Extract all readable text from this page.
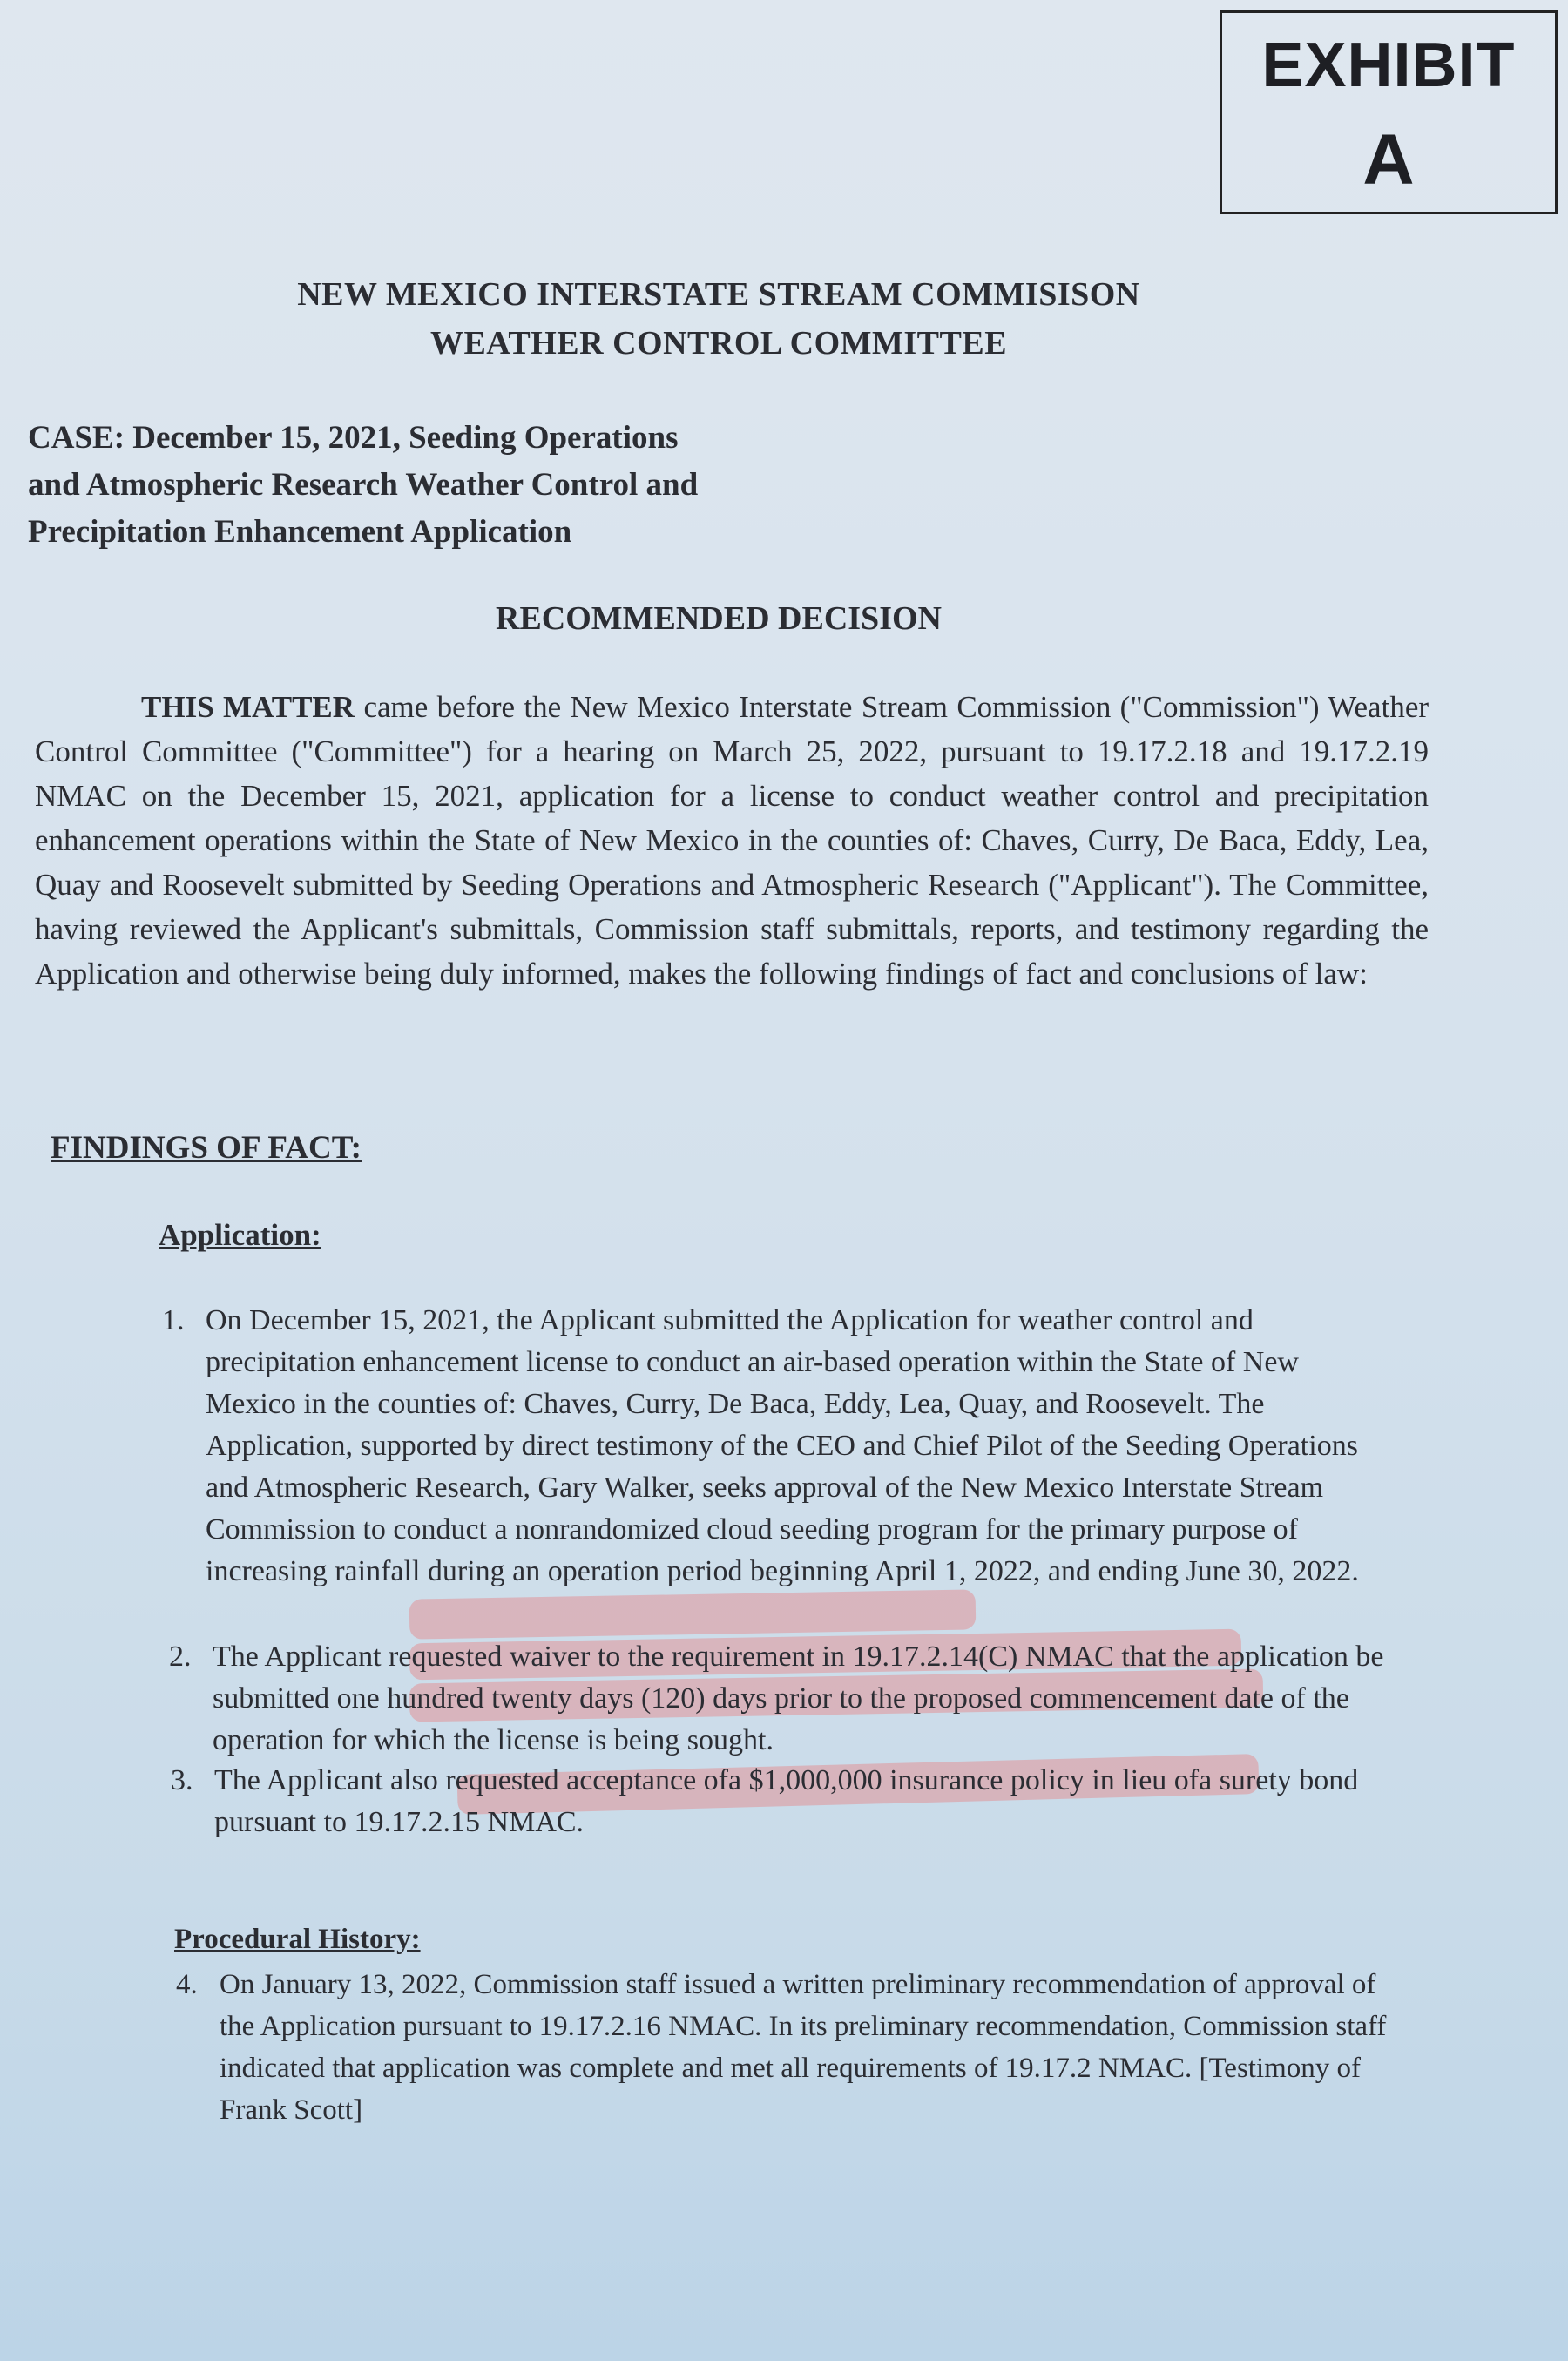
EXHIBIT
A
NEW MEXICO INTERSTATE STREAM COMMISISON
WEATHER CONTROL COMMITTEE
CASE: December 15, 2021, Seeding Operations
and Atmospheric Research Weather Control and
Precipitation Enhancement Application
RECOMMENDED DECISION
THIS MATTER came before the New Mexico Interstate Stream Commission ("Commission") Weather Control Committee ("Committee") for a hearing on March 25, 2022, pursuant to 19.17.2.18 and 19.17.2.19 NMAC on the December 15, 2021, application for a license to conduct weather control and precipitation enhancement operations within the State of New Mexico in the counties of: Chaves, Curry, De Baca, Eddy, Lea, Quay and Roosevelt submitted by Seeding Operations and Atmospheric Research ("Applicant"). The Committee, having reviewed the Applicant's submittals, Commission staff submittals, reports, and testimony regarding the Application and otherwise being duly informed, makes the following findings of fact and conclusions of law:
FINDINGS OF FACT:
Application:
1. On December 15, 2021, the Applicant submitted the Application for weather control and precipitation enhancement license to conduct an air-based operation within the State of New Mexico in the counties of: Chaves, Curry, De Baca, Eddy, Lea, Quay, and Roosevelt. The Application, supported by direct testimony of the CEO and Chief Pilot of the Seeding Operations and Atmospheric Research, Gary Walker, seeks approval of the New Mexico Interstate Stream Commission to conduct a nonrandomized cloud seeding program for the primary purpose of increasing rainfall during an operation period beginning April 1, 2022, and ending June 30, 2022.
2. The Applicant requested waiver to the requirement in 19.17.2.14(C) NMAC that the application be submitted one hundred twenty days (120) days prior to the proposed commencement date of the operation for which the license is being sought.
3. The Applicant also requested acceptance ofa $1,000,000 insurance policy in lieu ofa surety bond pursuant to 19.17.2.15 NMAC.
Procedural History:
4. On January 13, 2022, Commission staff issued a written preliminary recommendation of approval of the Application pursuant to 19.17.2.16 NMAC. In its preliminary recommendation, Commission staff indicated that application was complete and met all requirements of 19.17.2 NMAC. [Testimony of Frank Scott]
